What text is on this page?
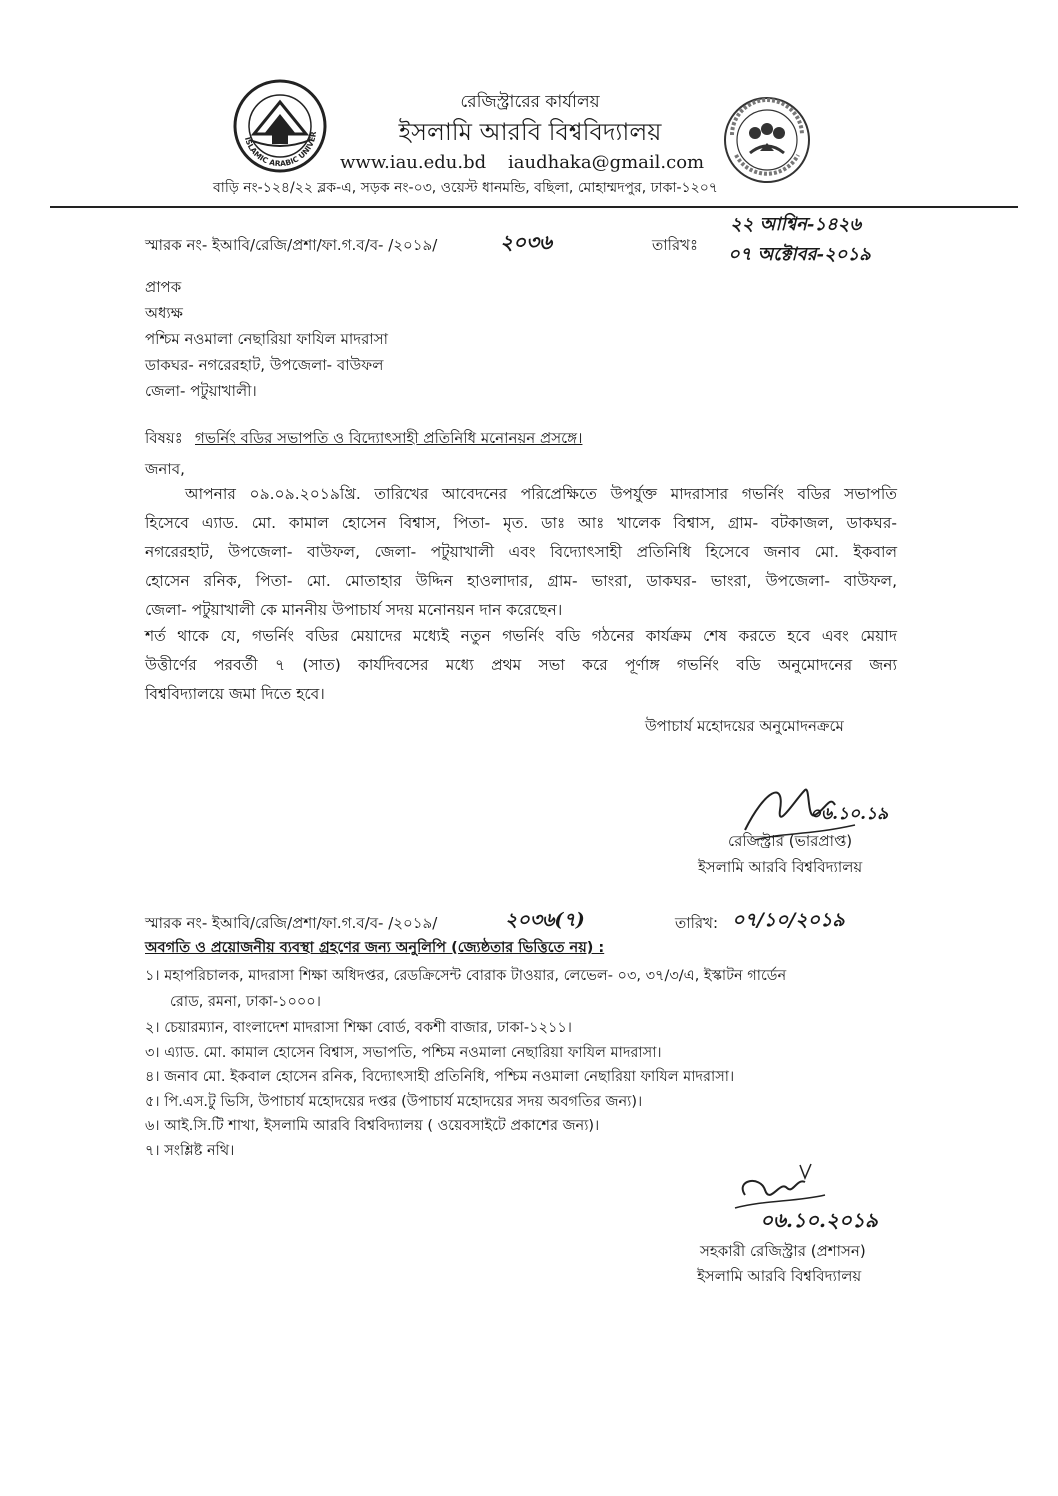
ISLAMIC ARABIC UNIVER
রেজিস্ট্রারের কার্যালয়
ইসলামি আরবি বিশ্ববিদ্যালয়
www.iau.edu.bd iaudhaka@gmail.com
বাড়ি নং-১২৪/২২ ব্লক-এ, সড়ক নং-০৩, ওয়েস্ট ধানমন্ডি, বছিলা, মোহাম্মদপুর, ঢাকা-১২০৭
স্মারক নং- ইআবি/রেজি/প্রশা/ফা.গ.ব/ব- /২০১৯/	২০৩৬	তারিখঃ
২২ আশ্বিন-১৪২৬
০৭ অক্টোবর-২০১৯
প্রাপক
অধ্যক্ষ
পশ্চিম নওমালা নেছারিয়া ফাযিল মাদরাসা
ডাকঘর- নগরেরহাট, উপজেলা- বাউফল
জেলা- পটুয়াখালী।
বিষয়ঃ গভর্নিং বডির সভাপতি ও বিদ্যোৎসাহী প্রতিনিধি মনোনয়ন প্রসঙ্গে।
জনাব,
আপনার ০৯.০৯.২০১৯খ্রি. তারিখের আবেদনের পরিপ্রেক্ষিতে উপর্যুক্ত মাদরাসার গভর্নিং বডির সভাপতি
হিসেবে এ্যাড. মো. কামাল হোসেন বিশ্বাস, পিতা- মৃত. ডাঃ আঃ খালেক বিশ্বাস, গ্রাম- বটকাজল, ডাকঘর-
নগরেরহাট, উপজেলা- বাউফল, জেলা- পটুয়াখালী এবং বিদ্যোৎসাহী প্রতিনিধি হিসেবে জনাব মো. ইকবাল
হোসেন রনিক, পিতা- মো. মোতাহার উদ্দিন হাওলাদার, গ্রাম- ভাংরা, ডাকঘর- ভাংরা, উপজেলা- বাউফল,
জেলা- পটুয়াখালী কে মাননীয় উপাচার্য সদয় মনোনয়ন দান করেছেন।
শর্ত থাকে যে, গভর্নিং বডির মেয়াদের মধ্যেই নতুন গভর্নিং বডি গঠনের কার্যক্রম শেষ করতে হবে এবং মেয়াদ
উত্তীর্ণের পরবর্তী ৭ (সাত) কার্যদিবসের মধ্যে প্রথম সভা করে পূর্ণাঙ্গ গভর্নিং বডি অনুমোদনের জন্য
বিশ্ববিদ্যালয়ে জমা দিতে হবে।
উপাচার্য মহোদয়ের অনুমোদনক্রমে
০৬.১০.১৯
রেজিস্ট্রার (ভারপ্রাপ্ত)
ইসলামি আরবি বিশ্ববিদ্যালয়
স্মারক নং- ইআবি/রেজি/প্রশা/ফা.গ.ব/ব- /২০১৯/	২০৩৬(৭)	তারিখ: ০৭/১০/২০১৯
অবগতি ও প্রয়োজনীয় ব্যবস্থা গ্রহণের জন্য অনুলিপি (জ্যেষ্ঠতার ভিত্তিতে নয়) :
১। মহাপরিচালক, মাদরাসা শিক্ষা অধিদপ্তর, রেডক্রিসেন্ট বোরাক টাওয়ার, লেভেল- ০৩, ৩৭/৩/এ, ইস্কাটন গার্ডেন
রোড, রমনা, ঢাকা-১০০০।
২। চেয়ারম্যান, বাংলাদেশ মাদরাসা শিক্ষা বোর্ড, বকশী বাজার, ঢাকা-১২১১।
৩। এ্যাড. মো. কামাল হোসেন বিশ্বাস, সভাপতি, পশ্চিম নওমালা নেছারিয়া ফাযিল মাদরাসা।
৪। জনাব মো. ইকবাল হোসেন রনিক, বিদ্যোৎসাহী প্রতিনিধি, পশ্চিম নওমালা নেছারিয়া ফাযিল মাদরাসা।
৫। পি.এস.টু ভিসি, উপাচার্য মহোদয়ের দপ্তর (উপাচার্য মহোদয়ের সদয় অবগতির জন্য)।
৬। আই.সি.টি শাখা, ইসলামি আরবি বিশ্ববিদ্যালয় ( ওয়েবসাইটে প্রকাশের জন্য)।
৭। সংশ্লিষ্ট নথি।
০৬.১০.২০১৯
সহকারী রেজিস্ট্রার (প্রশাসন)
ইসলামি আরবি বিশ্ববিদ্যালয়
